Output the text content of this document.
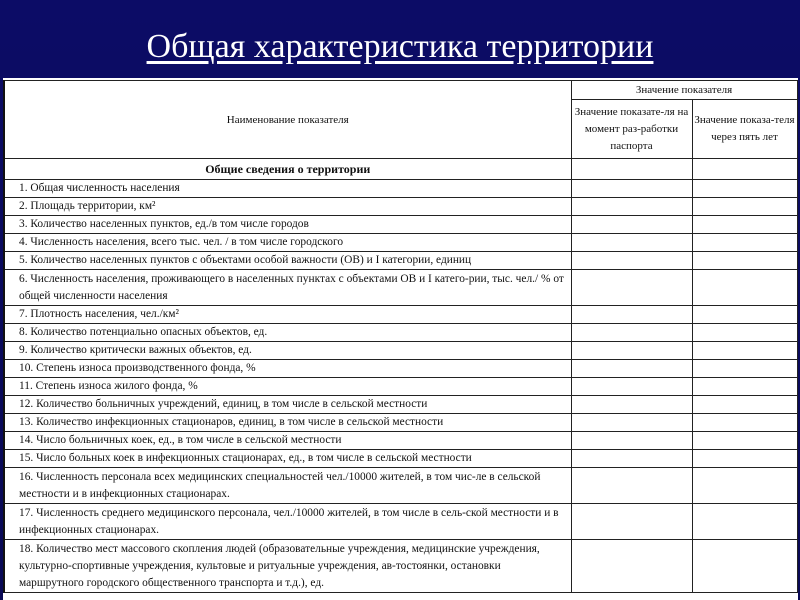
Общая характеристика территории
Наименование показателя	Значение показателя	
	Значение показате-ля на момент раз-работки паспорта	Значение показа-теля через пять лет
Общие сведения о территории		
1. Общая численность населения		
2. Площадь территории, км²		
3. Количество населенных пунктов, ед./в том числе городов		
4. Численность населения, всего тыс. чел. / в том числе городского		
5. Количество населенных пунктов с объектами особой важности (ОВ) и I категории, единиц		
6. Численность населения, проживающего в населенных пунктах с объектами ОВ и I катего-рии, тыс. чел./ % от общей численности населения		
7. Плотность населения, чел./км²		
8. Количество потенциально опасных объектов, ед.		
9. Количество критически важных объектов, ед.		
10. Степень износа производственного фонда, %		
11. Степень износа жилого фонда, %		
12. Количество больничных учреждений, единиц, в том числе в сельской местности		
13. Количество инфекционных стационаров, единиц, в том числе в сельской местности		
14. Число больничных коек, ед., в том числе в сельской местности		
15. Число больных коек в инфекционных стационарах, ед., в том числе в сельской местности		
16. Численность персонала всех медицинских специальностей чел./10000 жителей, в том чис-ле в сельской местности и в инфекционных стационарах.		
17. Численность среднего медицинского персонала, чел./10000 жителей, в том числе в сель-ской местности и в инфекционных стационарах.		
18. Количество мест массового скопления людей (образовательные учреждения, медицинские учреждения, культурно-спортивные учреждения, культовые и ритуальные учреждения, ав-тостоянки, остановки маршрутного городского общественного транспорта и т.д.), ед.		
